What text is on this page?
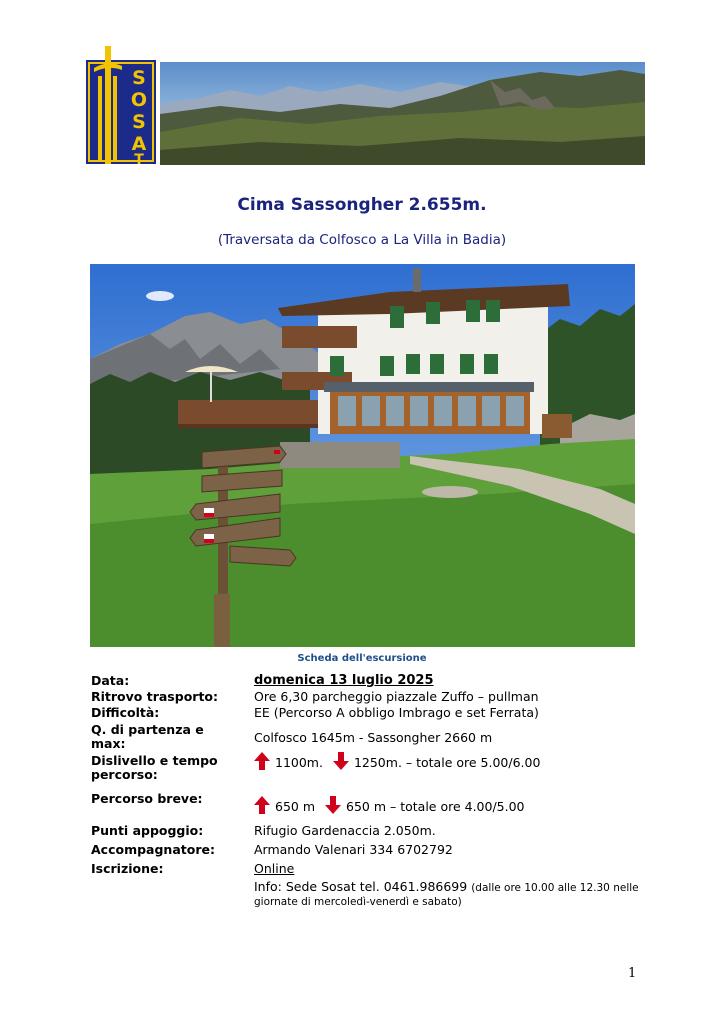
S
O
S
A
T
Cima Sassongher 2.655m.
(Traversata da Colfosco a La Villa in Badia)
Scheda dell'escursione
Data:	domenica 13 luglio 2025
Ritrovo trasporto:	Ore 6,30 parcheggio piazzale Zuffo – pullman
Difficoltà:	EE (Percorso A obbligo Imbrago e set Ferrata)
Q. di partenza e
max:	Colfosco 1645m - Sassongher 2660 m
Dislivello e tempo
percorso:
1100m. 1250m. – totale ore 5.00/6.00
Percorso breve:
650 m 650 m – totale ore 4.00/5.00
Punti appoggio:	Rifugio Gardenaccia 2.050m.
Accompagnatore:	Armando Valenari 334 6702792
Iscrizione:	Online
Info: Sede Sosat tel. 0461.986699 (dalle ore 10.00 alle 12.30 nelle
giornate di mercoledì-venerdì e sabato)
1
